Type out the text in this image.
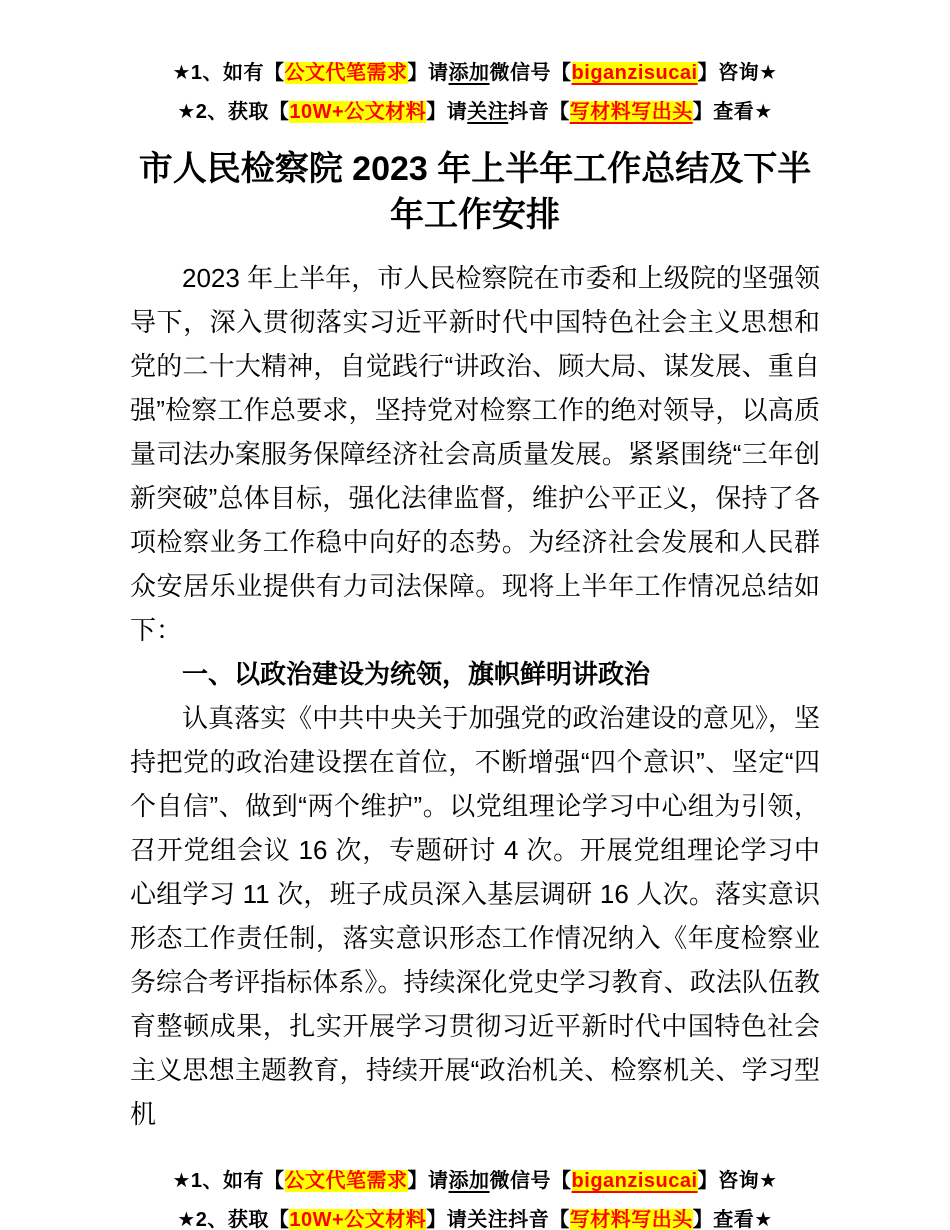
★1、如有【公文代笔需求】请添加微信号【biganzisucai】咨询★

★2、获取【10W+公文材料】请关注抖音【写材料写出头】查看★

市人民检察院 2023 年上半年工作总结及下半年工作安排

2023 年上半年，市人民检察院在市委和上级院的坚强领导下，深入贯彻落实习近平新时代中国特色社会主义思想和党的二十大精神，自觉践行“讲政治、顾大局、谋发展、重自强”检察工作总要求，坚持党对检察工作的绝对领导，以高质量司法办案服务保障经济社会高质量发展。紧紧围绕“三年创新突破”总体目标，强化法律监督，维护公平正义，保持了各项检察业务工作稳中向好的态势。为经济社会发展和人民群众安居乐业提供有力司法保障。现将上半年工作情况总结如下：

一、以政治建设为统领，旗帜鲜明讲政治

认真落实《中共中央关于加强党的政治建设的意见》，坚持把党的政治建设摆在首位，不断增强“四个意识”、坚定“四个自信”、做到“两个维护”。以党组理论学习中心组为引领，召开党组会议 16 次，专题研讨 4 次。开展党组理论学习中心组学习 11 次，班子成员深入基层调研 16 人次。落实意识形态工作责任制，落实意识形态工作情况纳入《年度检察业务综合考评指标体系》。持续深化党史学习教育、政法队伍教育整顿成果，扎实开展学习贯彻习近平新时代中国特色社会主义思想主题教育，持续开展“政治机关、检察机关、学习型机

★1、如有【公文代笔需求】请添加微信号【biganzisucai】咨询★

★2、获取【10W+公文材料】请关注抖音【写材料写出头】查看★
